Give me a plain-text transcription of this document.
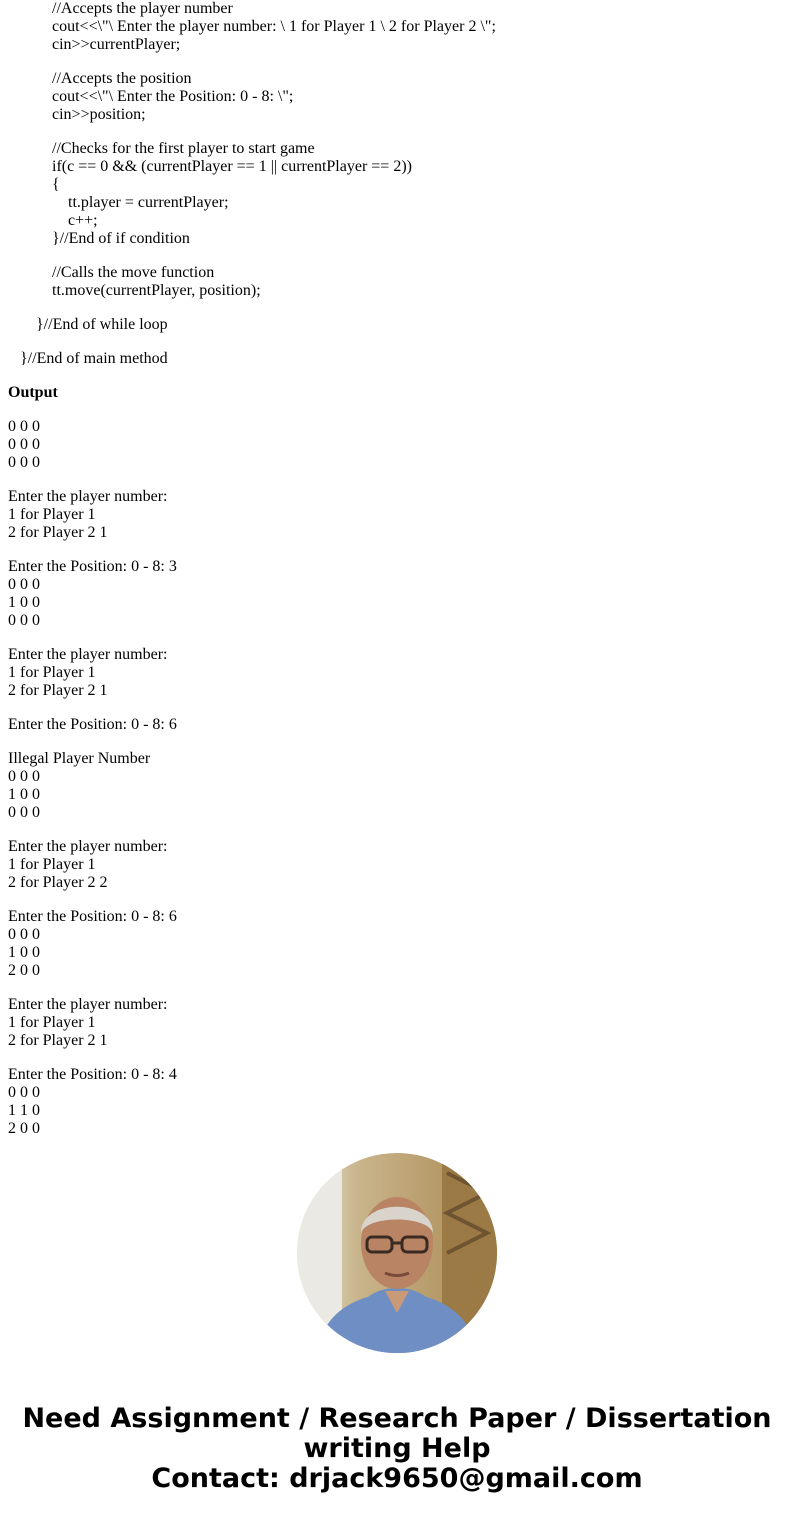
//Accepts the player number
cout<<\"\ Enter the player number: \ 1 for Player 1 \ 2 for Player 2 \";
cin>>currentPlayer;
//Accepts the position
cout<<\"\ Enter the Position: 0 - 8: \";
cin>>position;
//Checks for the first player to start game
if(c == 0 && (currentPlayer == 1 || currentPlayer == 2))
{
tt.player = currentPlayer;
c++;
}//End of if condition
//Calls the move function
tt.move(currentPlayer, position);
}//End of while loop
}//End of main method
Output
0 0 0
0 0 0
0 0 0
Enter the player number:
1 for Player 1
2 for Player 2 1
Enter the Position: 0 - 8: 3
0 0 0
1 0 0
0 0 0
Enter the player number:
1 for Player 1
2 for Player 2 1
Enter the Position: 0 - 8: 6
Illegal Player Number
0 0 0
1 0 0
0 0 0
Enter the player number:
1 for Player 1
2 for Player 2 2
Enter the Position: 0 - 8: 6
0 0 0
1 0 0
2 0 0
Enter the player number:
1 for Player 1
2 for Player 2 1
Enter the Position: 0 - 8: 4
0 0 0
1 1 0
2 0 0
Need Assignment / Research Paper / Dissertation
writing Help
Contact: drjack9650@gmail.com
